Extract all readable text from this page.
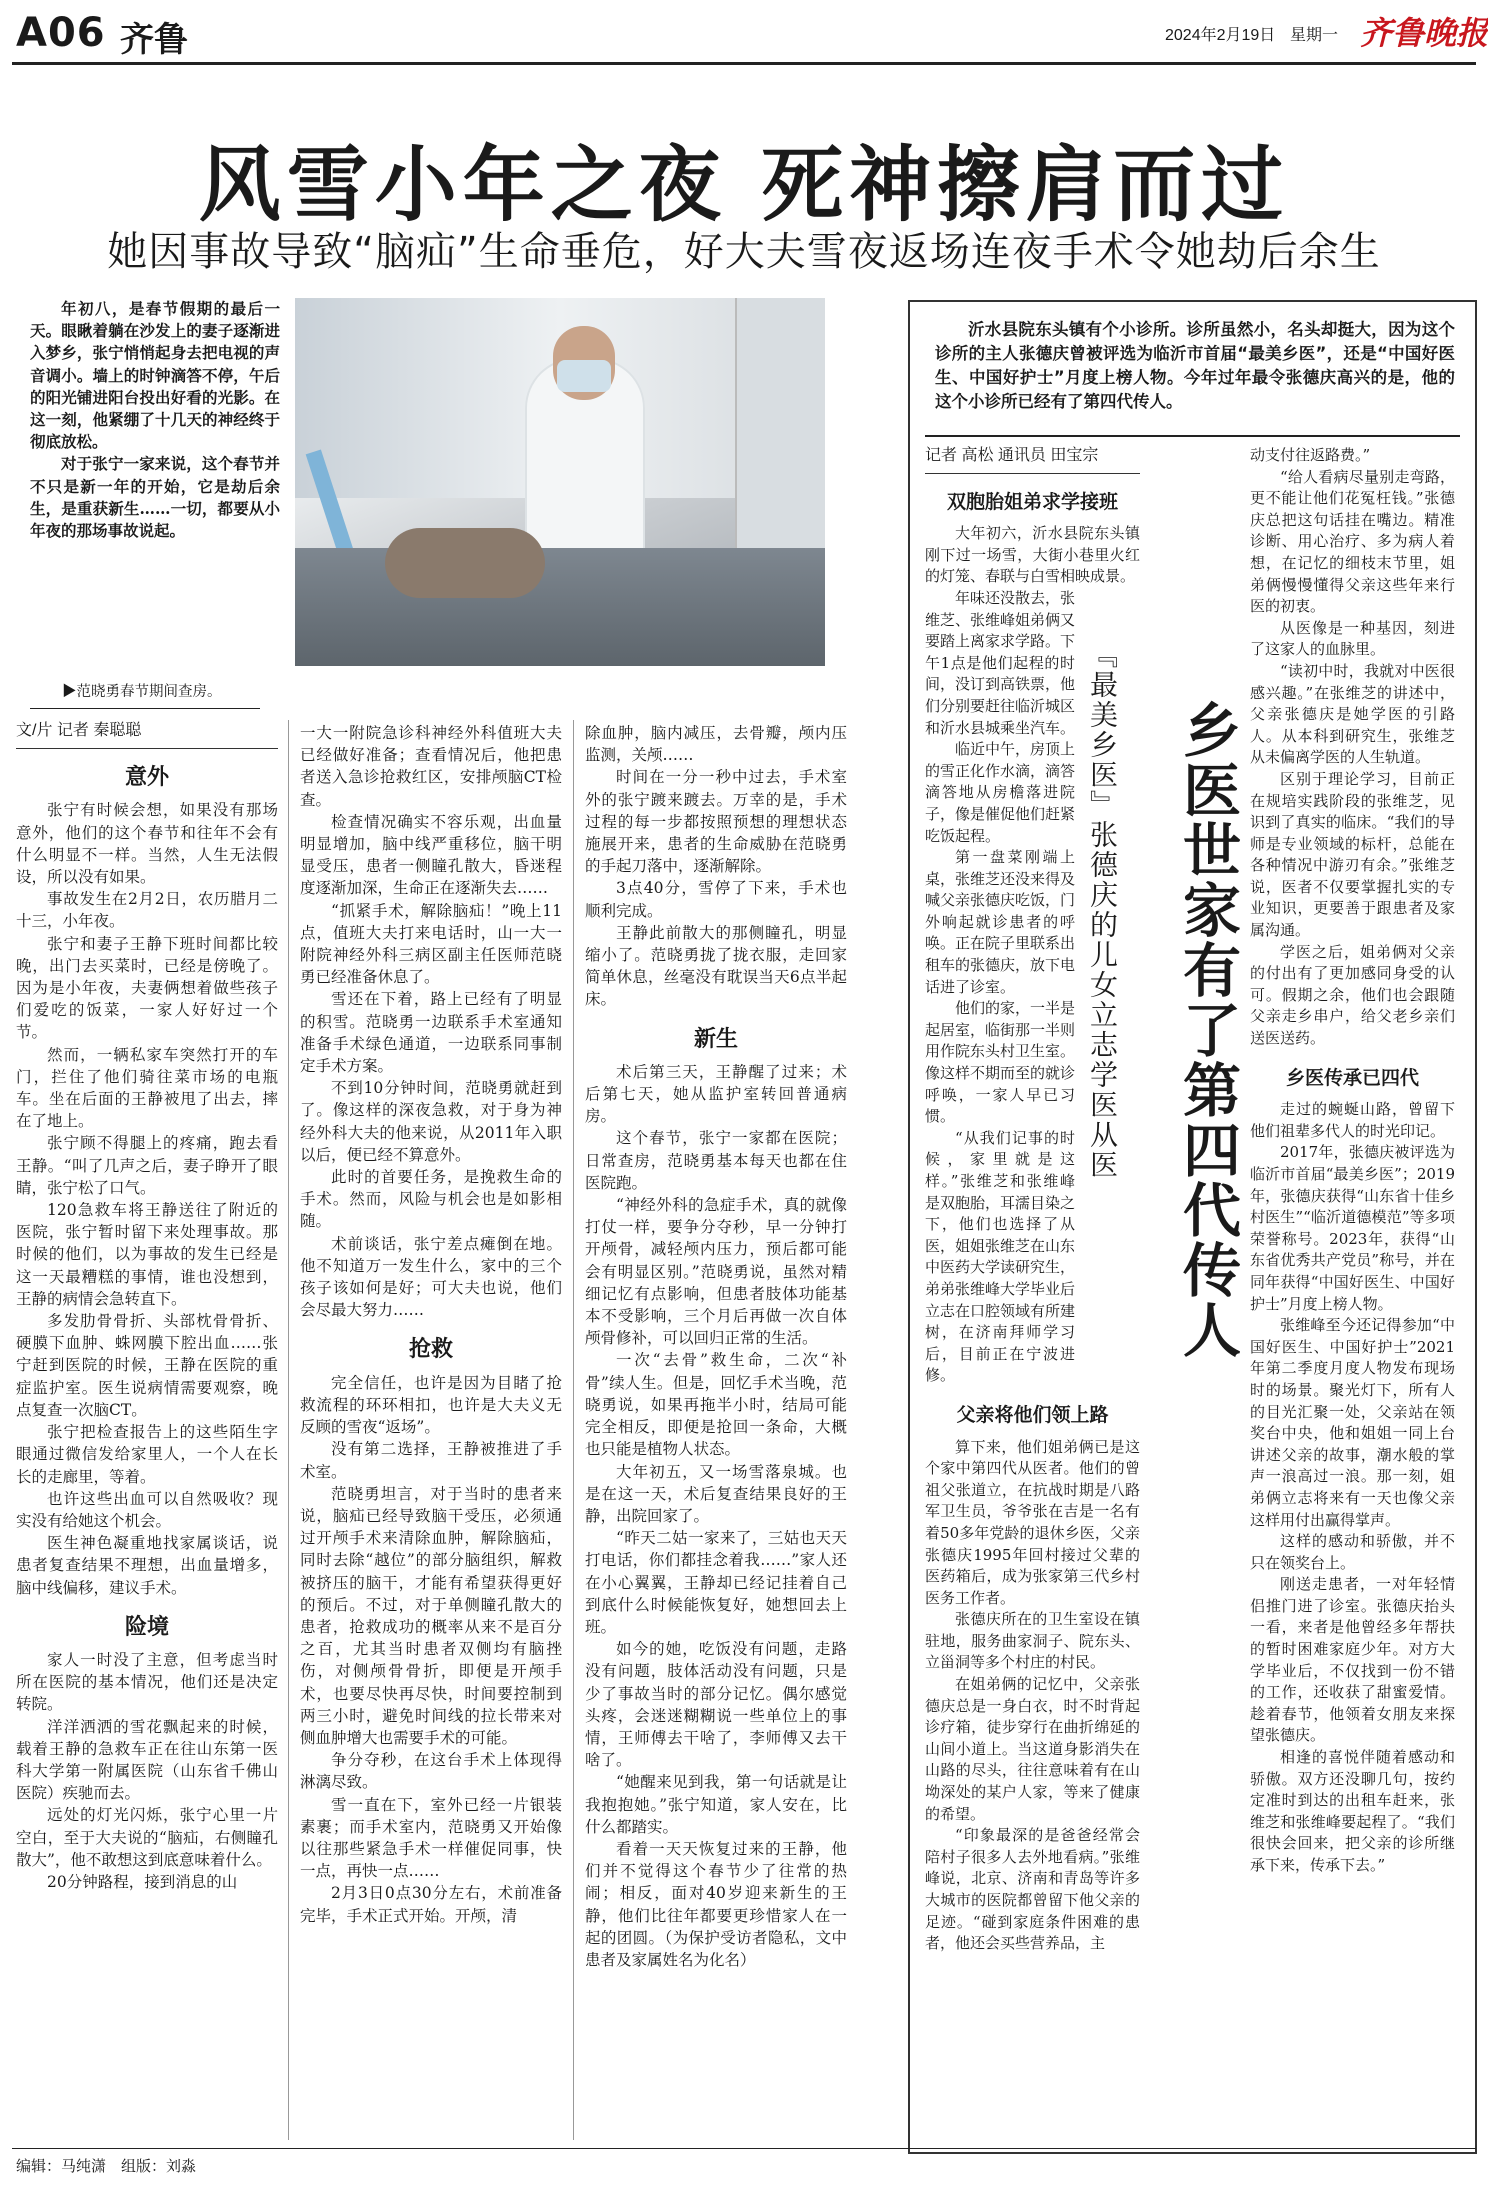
A06 齐鲁	2024年2月19日 星期一 齐鲁晚报
风雪小年之夜 死神擦肩而过
她因事故导致“脑疝”生命垂危，好大夫雪夜返场连夜手术令她劫后余生

年初八，是春节假期的最后一天。眼瞅着躺在沙发上的妻子逐渐进入梦乡，张宁悄悄起身去把电视的声音调小。墙上的时钟滴答不停，午后的阳光铺进阳台投出好看的光影。在这一刻，他紧绷了十几天的神经终于彻底放松。

对于张宁一家来说，这个春节并不只是新一年的开始，它是劫后余生，是重获新生……一切，都要从小年夜的那场事故说起。

▶范晓勇春节期间查房。
文/片 记者 秦聪聪
意外

张宁有时候会想，如果没有那场意外，他们的这个春节和往年不会有什么明显不一样。当然，人生无法假设，所以没有如果。

事故发生在2月2日，农历腊月二十三，小年夜。

张宁和妻子王静下班时间都比较晚，出门去买菜时，已经是傍晚了。因为是小年夜，夫妻俩想着做些孩子们爱吃的饭菜，一家人好好过一个节。

然而，一辆私家车突然打开的车门，拦住了他们骑往菜市场的电瓶车。坐在后面的王静被甩了出去，摔在了地上。

张宁顾不得腿上的疼痛，跑去看王静。“叫了几声之后，妻子睁开了眼睛，张宁松了口气。

120急救车将王静送往了附近的医院，张宁暂时留下来处理事故。那时候的他们，以为事故的发生已经是这一天最糟糕的事情，谁也没想到，王静的病情会急转直下。

多发肋骨骨折、头部枕骨骨折、硬膜下血肿、蛛网膜下腔出血……张宁赶到医院的时候，王静在医院的重症监护室。医生说病情需要观察，晚点复查一次脑CT。

张宁把检查报告上的这些陌生字眼通过微信发给家里人，一个人在长长的走廊里，等着。

也许这些出血可以自然吸收？现实没有给她这个机会。

医生神色凝重地找家属谈话，说患者复查结果不理想，出血量增多，脑中线偏移，建议手术。

险境

家人一时没了主意，但考虑当时所在医院的基本情况，他们还是决定转院。

洋洋洒洒的雪花飘起来的时候，载着王静的急救车正在往山东第一医科大学第一附属医院（山东省千佛山医院）疾驰而去。

远处的灯光闪烁，张宁心里一片空白，至于大夫说的“脑疝，右侧瞳孔散大”，他不敢想这到底意味着什么。

20分钟路程，接到消息的山

一大一附院急诊科神经外科值班大夫已经做好准备；查看情况后，他把患者送入急诊抢救红区，安排颅脑CT检查。

检查情况确实不容乐观，出血量明显增加，脑中线严重移位，脑干明显受压，患者一侧瞳孔散大，昏迷程度逐渐加深，生命正在逐渐失去……

“抓紧手术，解除脑疝！”晚上11点，值班大夫打来电话时，山一大一附院神经外科三病区副主任医师范晓勇已经准备休息了。

雪还在下着，路上已经有了明显的积雪。范晓勇一边联系手术室通知准备手术绿色通道，一边联系同事制定手术方案。

不到10分钟时间，范晓勇就赶到了。像这样的深夜急救，对于身为神经外科大夫的他来说，从2011年入职以后，便已经不算意外。

此时的首要任务，是挽救生命的手术。然而，风险与机会也是如影相随。

术前谈话，张宁差点瘫倒在地。他不知道万一发生什么，家中的三个孩子该如何是好；可大夫也说，他们会尽最大努力……

抢救

完全信任，也许是因为目睹了抢救流程的环环相扣，也许是大夫义无反顾的雪夜“返场”。

没有第二选择，王静被推进了手术室。

范晓勇坦言，对于当时的患者来说，脑疝已经导致脑干受压，必须通过开颅手术来清除血肿，解除脑疝，同时去除“越位”的部分脑组织，解救被挤压的脑干，才能有希望获得更好的预后。不过，对于单侧瞳孔散大的患者，抢救成功的概率从来不是百分之百，尤其当时患者双侧均有脑挫伤，对侧颅骨骨折，即便是开颅手术，也要尽快再尽快，时间要控制到两三小时，避免时间线的拉长带来对侧血肿增大也需要手术的可能。

争分夺秒，在这台手术上体现得淋漓尽致。

雪一直在下，室外已经一片银装素裹；而手术室内，范晓勇又开始像以往那些紧急手术一样催促同事，快一点，再快一点……

2月3日0点30分左右，术前准备完毕，手术正式开始。开颅，清

除血肿，脑内减压，去骨瓣，颅内压监测，关颅……

时间在一分一秒中过去，手术室外的张宁踱来踱去。万幸的是，手术过程的每一步都按照预想的理想状态施展开来，患者的生命威胁在范晓勇的手起刀落中，逐渐解除。

3点40分，雪停了下来，手术也顺利完成。

王静此前散大的那侧瞳孔，明显缩小了。范晓勇拢了拢衣服，走回家简单休息，丝毫没有耽误当天6点半起床。

新生

术后第三天，王静醒了过来；术后第七天，她从监护室转回普通病房。

这个春节，张宁一家都在医院；日常查房，范晓勇基本每天也都在住医院跑。

“神经外科的急症手术，真的就像打仗一样，要争分夺秒，早一分钟打开颅骨，减轻颅内压力，预后都可能会有明显区别。”范晓勇说，虽然对精细记忆有点影响，但患者肢体功能基本不受影响，三个月后再做一次自体颅骨修补，可以回归正常的生活。

一次“去骨”救生命，二次“补骨”续人生。但是，回忆手术当晚，范晓勇说，如果再拖半小时，结局可能完全相反，即便是抢回一条命，大概也只能是植物人状态。

大年初五，又一场雪落泉城。也是在这一天，术后复查结果良好的王静，出院回家了。

“昨天二姑一家来了，三姑也天天打电话，你们都挂念着我……”家人还在小心翼翼，王静却已经记挂着自己到底什么时候能恢复好，她想回去上班。

如今的她，吃饭没有问题，走路没有问题，肢体活动没有问题，只是少了事故当时的部分记忆。偶尔感觉头疼，会迷迷糊糊说一些单位上的事情，王师傅去干啥了，李师傅又去干啥了。

“她醒来见到我，第一句话就是让我抱抱她。”张宁知道，家人安在，比什么都踏实。

看着一天天恢复过来的王静，他们并不觉得这个春节少了往常的热闹；相反，面对40岁迎来新生的王静，他们比往年都要更珍惜家人在一起的团圆。（为保护受访者隐私，文中患者及家属姓名为化名）

沂水县院东头镇有个小诊所。诊所虽然小，名头却挺大，因为这个诊所的主人张德庆曾被评选为临沂市首届“最美乡医”，还是“中国好医生、中国好护士”月度上榜人物。今年过年最令张德庆高兴的是，他的这个小诊所已经有了第四代传人。

记者 高松 通讯员 田宝宗
双胞胎姐弟求学接班

大年初六，沂水县院东头镇刚下过一场雪，大街小巷里火红的灯笼、春联与白雪相映成景。

年味还没散去，张维芝、张维峰姐弟俩又要踏上离家求学路。下午1点是他们起程的时间，没订到高铁票，他们分别要赶往临沂城区和沂水县城乘坐汽车。

临近中午，房顶上的雪正化作水滴，滴答滴答地从房檐落进院子，像是催促他们赶紧吃饭起程。

第一盘菜刚端上桌，张维芝还没来得及喊父亲张德庆吃饭，门外响起就诊患者的呼唤。正在院子里联系出租车的张德庆，放下电话进了诊室。

他们的家，一半是起居室，临街那一半则用作院东头村卫生室。像这样不期而至的就诊呼唤，一家人早已习惯。

“从我们记事的时候，家里就是这样。”张维芝和张维峰是双胞胎，耳濡目染之下，他们也选择了从医，姐姐张维芝在山东中医药大学读研究生，弟弟张维峰大学毕业后立志在口腔领域有所建树，在济南拜师学习后，目前正在宁波进修。

父亲将他们领上路

算下来，他们姐弟俩已是这个家中第四代从医者。他们的曾祖父张道立，在抗战时期是八路军卫生员，爷爷张在吉是一名有着50多年党龄的退休乡医，父亲张德庆1995年回村接过父辈的医药箱后，成为张家第三代乡村医务工作者。

张德庆所在的卫生室设在镇驻地，服务曲家洞子、院东头、立甾洞等多个村庄的村民。

在姐弟俩的记忆中，父亲张德庆总是一身白衣，时不时背起诊疗箱，徒步穿行在曲折绵延的山间小道上。当这道身影消失在山路的尽头，往往意味着有在山坳深处的某户人家，等来了健康的希望。

“印象最深的是爸爸经常会陪村子很多人去外地看病。”张维峰说，北京、济南和青岛等许多大城市的医院都曾留下他父亲的足迹。“碰到家庭条件困难的患者，他还会买些营养品，主

『最美乡医』张德庆的儿女立志学医从医 乡医世家有了第四代传人

动支付往返路费。”

“给人看病尽量别走弯路，更不能让他们花冤枉钱。”张德庆总把这句话挂在嘴边。精准诊断、用心治疗、多为病人着想，在记忆的细枝末节里，姐弟俩慢慢懂得父亲这些年来行医的初衷。

从医像是一种基因，刻进了这家人的血脉里。

“读初中时，我就对中医很感兴趣。”在张维芝的讲述中，父亲张德庆是她学医的引路人。从本科到研究生，张维芝从未偏离学医的人生轨道。

区别于理论学习，目前正在规培实践阶段的张维芝，见识到了真实的临床。“我们的导师是专业领域的标杆，总能在各种情况中游刃有余。”张维芝说，医者不仅要掌握扎实的专业知识，更要善于跟患者及家属沟通。

学医之后，姐弟俩对父亲的付出有了更加感同身受的认可。假期之余，他们也会跟随父亲走乡串户，给父老乡亲们送医送药。

乡医传承已四代

走过的蜿蜒山路，曾留下他们祖辈多代人的时光印记。

2017年，张德庆被评选为临沂市首届“最美乡医”；2019年，张德庆获得“山东省十佳乡村医生”“临沂道德模范”等多项荣誉称号。2023年，获得“山东省优秀共产党员”称号，并在同年获得“中国好医生、中国好护士”月度上榜人物。

张维峰至今还记得参加“中国好医生、中国好护士”2021年第二季度月度人物发布现场时的场景。聚光灯下，所有人的目光汇聚一处，父亲站在领奖台中央，他和姐姐一同上台讲述父亲的故事，潮水般的掌声一浪高过一浪。那一刻，姐弟俩立志将来有一天也像父亲这样用付出赢得掌声。

这样的感动和骄傲，并不只在领奖台上。

刚送走患者，一对年轻情侣推门进了诊室。张德庆抬头一看，来者是他曾经多年帮扶的暂时困难家庭少年。对方大学毕业后，不仅找到一份不错的工作，还收获了甜蜜爱情。趁着春节，他领着女朋友来探望张德庆。

相逢的喜悦伴随着感动和骄傲。双方还没聊几句，按约定准时到达的出租车赶来，张维芝和张维峰要起程了。“我们很快会回来，把父亲的诊所继承下来，传承下去。”

编辑：马纯潇　组版：刘淼
